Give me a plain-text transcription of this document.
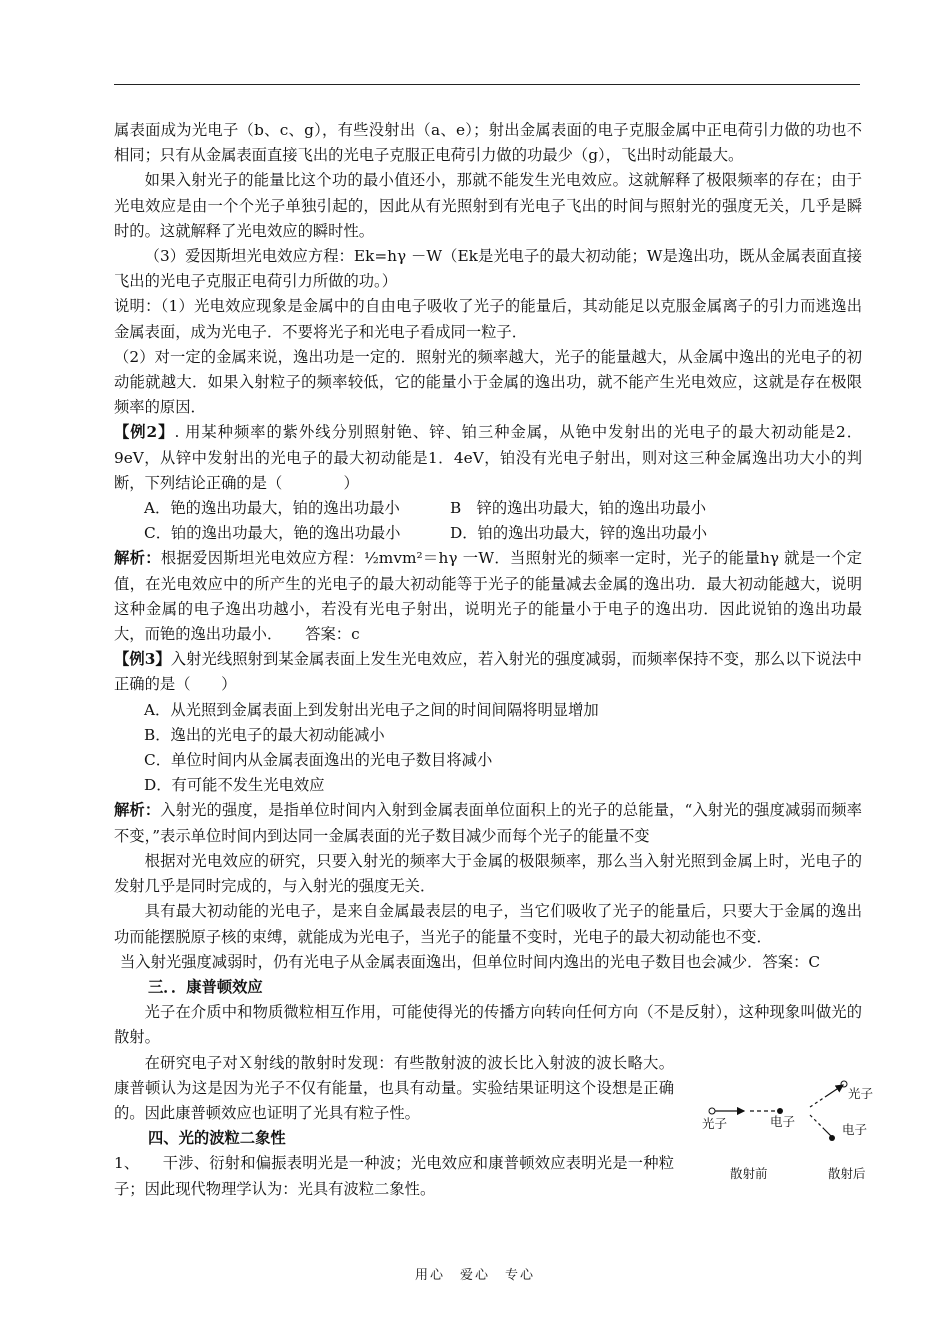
属表面成为光电子（b、c、g），有些没射出（a、e）；射出金属表面的电子克服金属中正电荷引力做的功也不相同；只有从金属表面直接飞出的光电子克服正电荷引力做的功最少（g），飞出时动能最大。

如果入射光子的能量比这个功的最小值还小，那就不能发生光电效应。这就解释了极限频率的存在；由于光电效应是由一个个光子单独引起的，因此从有光照射到有光电子飞出的时间与照射光的强度无关，几乎是瞬时的。这就解释了光电效应的瞬时性。

（3）爱因斯坦光电效应方程：Ek=hγ －W（Ek是光电子的最大初动能；W是逸出功，既从金属表面直接飞出的光电子克服正电荷引力所做的功。）

说明：（1）光电效应现象是金属中的自由电子吸收了光子的能量后，其动能足以克服金属离子的引力而逃逸出金属表面，成为光电子．不要将光子和光电子看成同一粒子．

（2）对一定的金属来说，逸出功是一定的．照射光的频率越大，光子的能量越大，从金属中逸出的光电子的初动能就越大．如果入射粒子的频率较低，它的能量小于金属的逸出功，就不能产生光电效应，这就是存在极限频率的原因．

【例2】. 用某种频率的紫外线分别照射铯、锌、铂三种金属，从铯中发射出的光电子的最大初动能是2．9eV，从锌中发射出的光电子的最大初动能是1．4eV，铂没有光电子射出，则对这三种金属逸出功大小的判断，下列结论正确的是（　　　　）

A．铯的逸出功最大，铂的逸出功最小	B　锌的逸出功最大，铂的逸出功最小

C．铂的逸出功最大，铯的逸出功最小	D．铂的逸出功最大，锌的逸出功最小

解析：根据爱因斯坦光电效应方程：½mvm²＝hγ 一W．当照射光的频率一定时，光子的能量hγ 就是一个定值，在光电效应中的所产生的光电子的最大初动能等于光子的能量减去金属的逸出功．最大初动能越大，说明这种金属的电子逸出功越小，若没有光电子射出，说明光子的能量小于电子的逸出功．因此说铂的逸出功最大，而铯的逸出功最小．　　答案：c

【例3】入射光线照射到某金属表面上发生光电效应，若入射光的强度减弱，而频率保持不变，那么以下说法中正确的是（　　）

A．从光照到金属表面上到发射出光电子之间的时间间隔将明显增加

B．逸出的光电子的最大初动能减小

C．单位时间内从金属表面逸出的光电子数目将减小

D．有可能不发生光电效应

解析：入射光的强度，是指单位时间内入射到金属表面单位面积上的光子的总能量，“入射光的强度减弱而频率不变，”表示单位时间内到达同一金属表面的光子数目减少而每个光子的能量不变

根据对光电效应的研究，只要入射光的频率大于金属的极限频率，那么当入射光照到金属上时，光电子的发射几乎是同时完成的，与入射光的强度无关．

具有最大初动能的光电子，是来自金属最表层的电子，当它们吸收了光子的能量后，只要大于金属的逸出功而能摆脱原子核的束缚，就能成为光电子，当光子的能量不变时，光电子的最大初动能也不变．

当入射光强度减弱时，仍有光电子从金属表面逸出，但单位时间内逸出的光电子数目也会减少．答案：C

三．．康普顿效应

光子在介质中和物质微粒相互作用，可能使得光的传播方向转向任何方向（不是反射），这种现象叫做光的散射。

在研究电子对Ｘ射线的散射时发现：有些散射波的波长比入射波的波长略大。康普顿认为这是因为光子不仅有能量，也具有动量。实验结果证明这个设想是正确的。因此康普顿效应也证明了光具有粒子性。

四、光的波粒二象性

1、　　干涉、衍射和偏振表明光是一种波；光电效应和康普顿效应表明光是一种粒子；因此现代物理学认为：光具有波粒二象性。

光子	电子
光子
电子
散射前	散射后
用心　爱心　专心
